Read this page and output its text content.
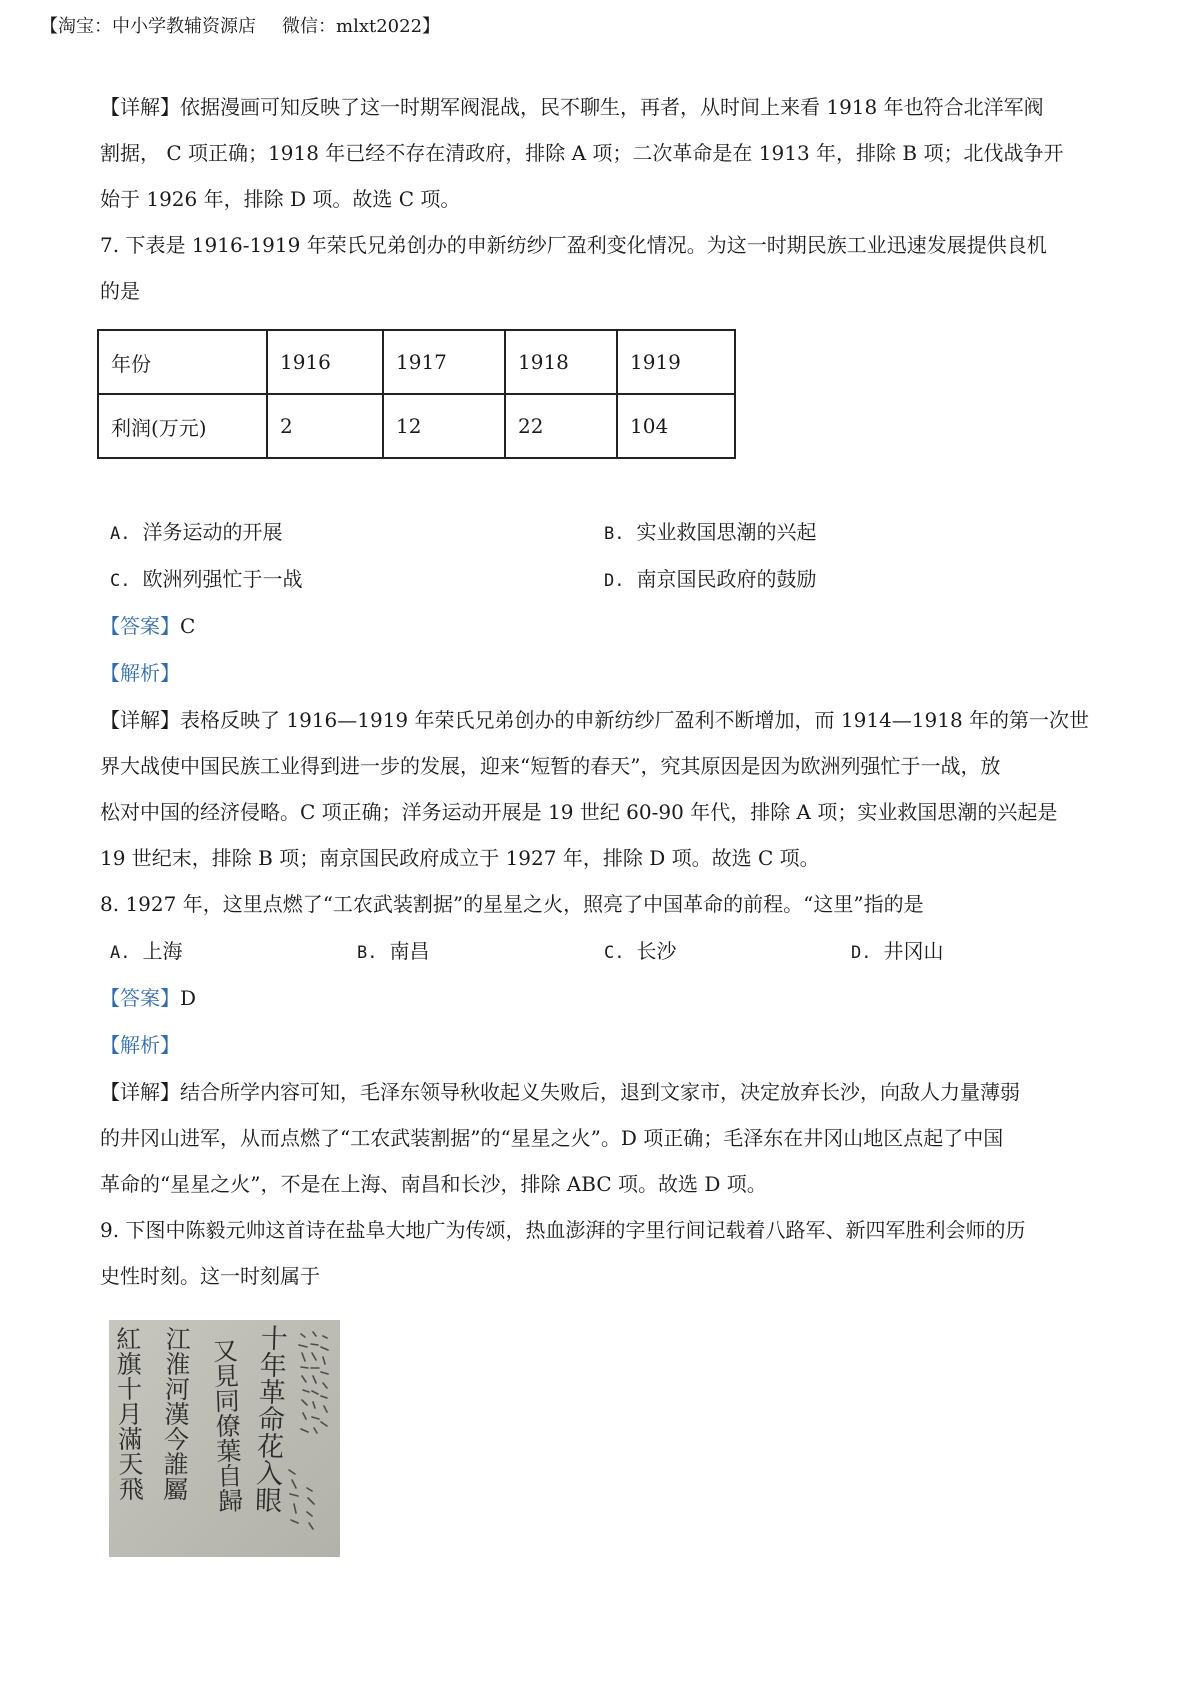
【淘宝：中小学教辅资源店 微信：mlxt2022】
【详解】依据漫画可知反映了这一时期军阀混战，民不聊生，再者，从时间上来看 1918 年也符合北洋军阀
割据， C 项正确；1918 年已经不存在清政府，排除 A 项；二次革命是在 1913 年，排除 B 项；北伐战争开
始于 1926 年，排除 D 项。故选 C 项。
7. 下表是 1916-1919 年荣氏兄弟创办的申新纺纱厂盈利变化情况。为这一时期民族工业迅速发展提供良机
的是
年份	1916	1917	1918	1919
利润(万元)	2	12	22	104
A. 洋务运动的开展	B. 实业救国思潮的兴起
C. 欧洲列强忙于一战	D. 南京国民政府的鼓励
【答案】C
【解析】
【详解】表格反映了 1916—1919 年荣氏兄弟创办的申新纺纱厂盈利不断增加，而 1914—1918 年的第一次世
界大战使中国民族工业得到进一步的发展，迎来“短暂的春天”，究其原因是因为欧洲列强忙于一战，放
松对中国的经济侵略。C 项正确；洋务运动开展是 19 世纪 60-90 年代，排除 A 项；实业救国思潮的兴起是
19 世纪末，排除 B 项；南京国民政府成立于 1927 年，排除 D 项。故选 C 项。
8. 1927 年，这里点燃了“工农武装割据”的星星之火，照亮了中国革命的前程。“这里”指的是
A. 上海	B. 南昌	C. 长沙	D. 井冈山
【答案】D
【解析】
【详解】结合所学内容可知，毛泽东领导秋收起义失败后，退到文家市，决定放弃长沙，向敌人力量薄弱
的井冈山进军，从而点燃了“工农武装割据”的“星星之火”。D 项正确；毛泽东在井冈山地区点起了中国
革命的“星星之火”，不是在上海、南昌和长沙，排除 ABC 项。故选 D 项。
9. 下图中陈毅元帅这首诗在盐阜大地广为传颂，热血澎湃的字里行间记载着八路军、新四军胜利会师的历
史性时刻。这一时刻属于
十年革命花入眼
又見同僚葉自歸
江淮河漢今誰屬
紅旗十月滿天飛
